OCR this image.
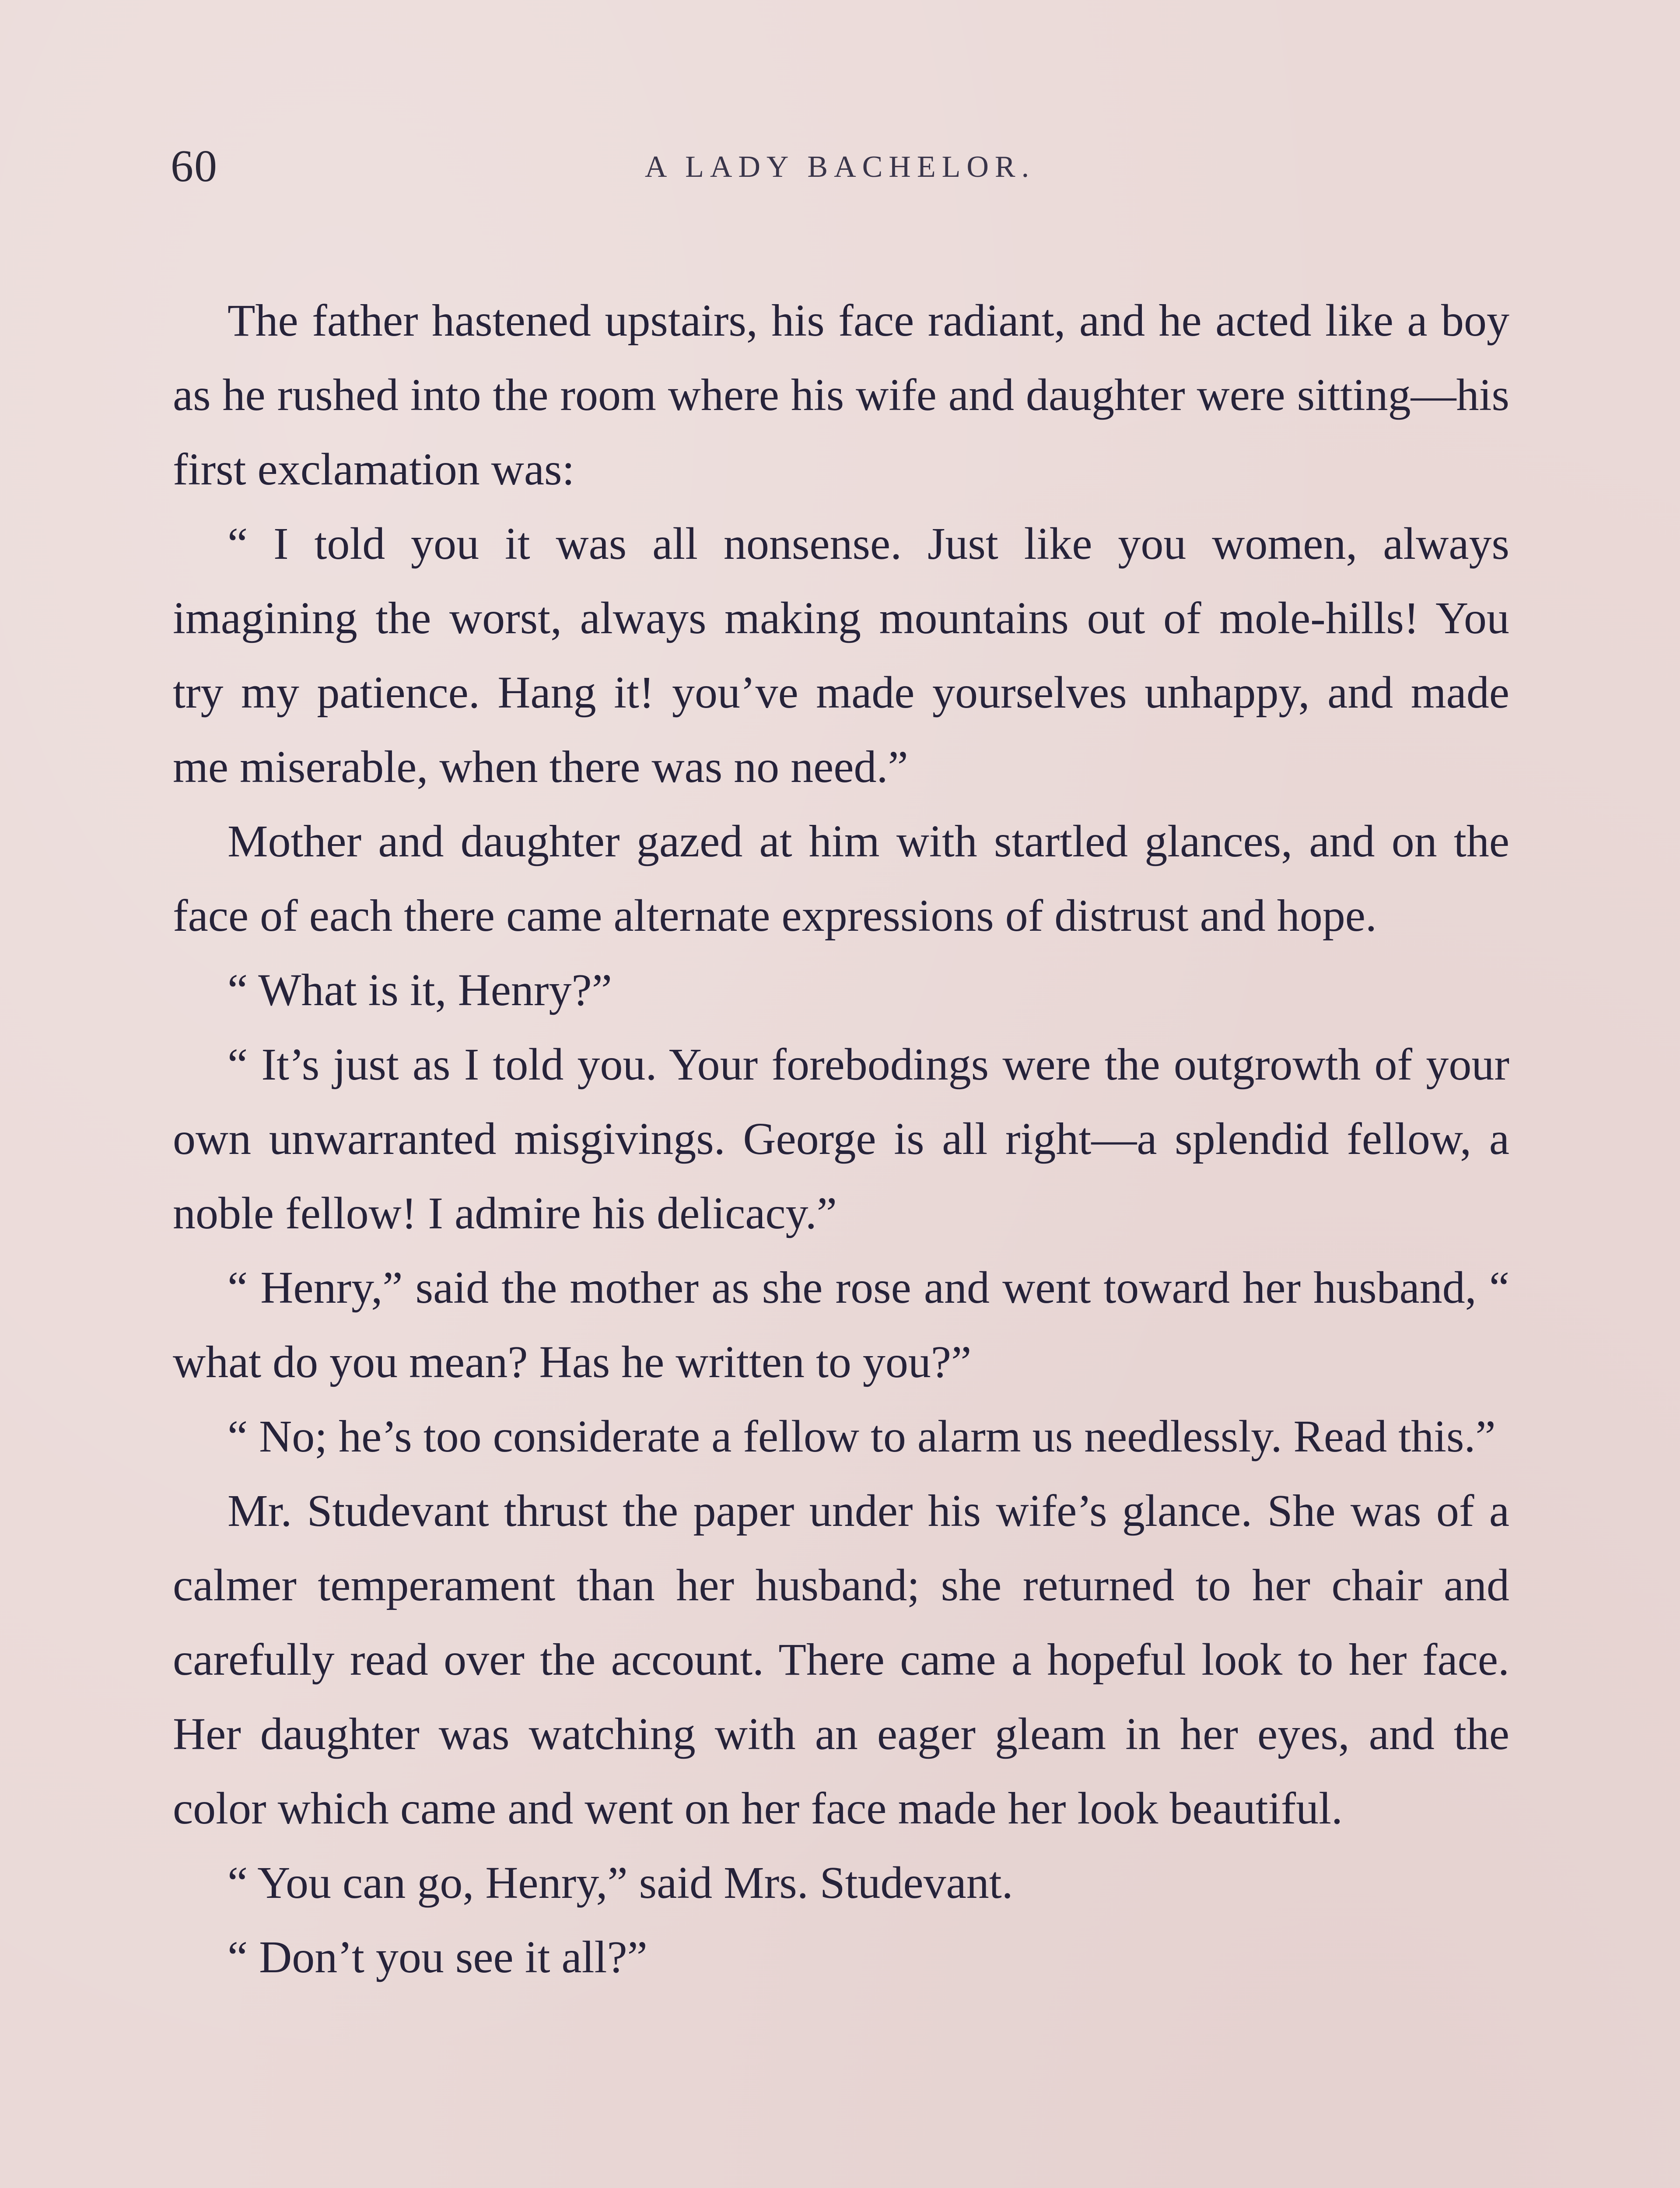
60	A LADY BACHELOR.

The father hastened upstairs, his face radiant, and he acted like a boy as he rushed into the room where his wife and daughter were sitting—his first exclamation was:

“ I told you it was all nonsense. Just like you women, always imagining the worst, always making mountains out of mole-hills! You try my patience. Hang it! you’ve made yourselves unhappy, and made me miserable, when there was no need.”

Mother and daughter gazed at him with startled glances, and on the face of each there came alternate expressions of distrust and hope.

“ What is it, Henry?”

“ It’s just as I told you. Your forebodings were the outgrowth of your own unwarranted misgivings. George is all right—a splendid fellow, a noble fellow! I admire his delicacy.”

“ Henry,” said the mother as she rose and went toward her husband, “ what do you mean? Has he written to you?”

“ No; he’s too considerate a fellow to alarm us needlessly. Read this.”

Mr. Studevant thrust the paper under his wife’s glance. She was of a calmer temperament than her husband; she returned to her chair and carefully read over the account. There came a hopeful look to her face. Her daughter was watching with an eager gleam in her eyes, and the color which came and went on her face made her look beautiful.

“ You can go, Henry,” said Mrs. Studevant.

“ Don’t you see it all?”
